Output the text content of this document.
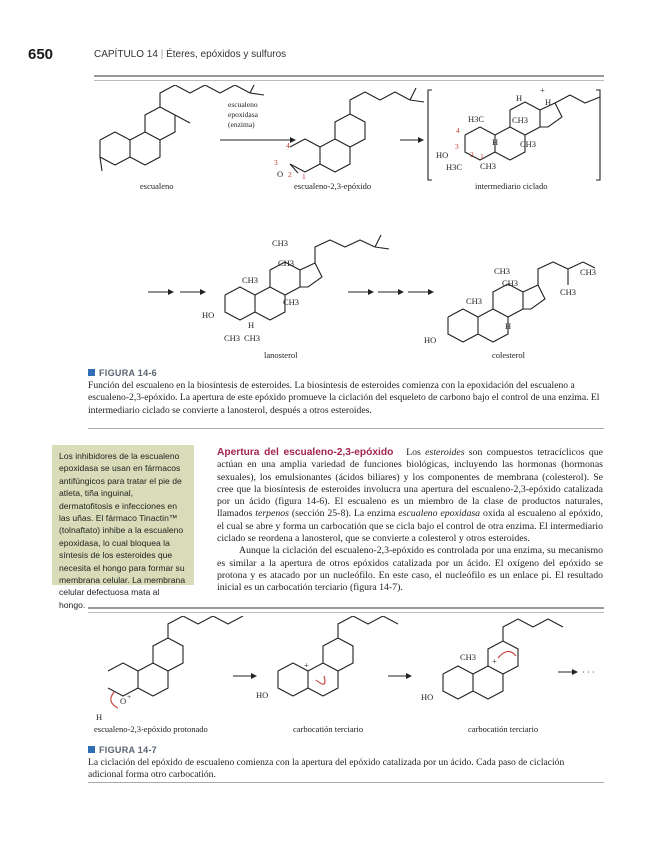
650	CAPÍTULO 14 | Éteres, epóxidos y sulfuros
escualeno
escualeno
epoxidasa
(enzima)
4
3
2 1
O
escualeno-2,3-epóxido
H3C
H
+
H
CH3
H	CH3
HO
H3C
4
3
2 1
CH3
intermediario ciclado
CH3
CH3
CH3
CH3
HO
H
CH3 CH3
lanosterol
CH3
CH3
CH3
CH3
CH3
H
HO
colesterol
FIGURA 14-6
Función del escualeno en la biosíntesis de esteroides. La biosíntesis de esteroides comienza con la epoxidación del escualeno a escualeno-2,3-epóxido. La apertura de este epóxido promueve la ciclación del esqueleto de carbono bajo el control de una enzima. El intermediario ciclado se convierte a lanosterol, después a otros esteroides.
Los inhibidores de la escualeno epoxidasa se usan en fármacos antifúngicos para tratar el pie de atleta, tiña inguinal, dermatofitosis e infecciones en las uñas. El fármaco Tinactin™ (tolnaftato) inhibe a la escualeno epoxidasa, lo cual bloquea la síntesis de los esteroides que necesita el hongo para formar su membrana celular. La membrana celular defectuosa mata al hongo.
Apertura del escualeno-2,3-epóxido Los esteroides son compuestos tetracíclicos que actúan en una amplia variedad de funciones biológicas, incluyendo las hormonas (hormonas sexuales), los emulsionantes (ácidos biliares) y los componentes de membrana (colesterol). Se cree que la biosíntesis de esteroides involucra una apertura del escualeno-2,3-epóxido catalizada por un ácido (figura 14-6). El escualeno es un miembro de la clase de productos naturales, llamados terpenos (sección 25-8). La enzima escualeno epoxidasa oxida al escualeno al epóxido, el cual se abre y forma un carbocatión que se cicla bajo el control de otra enzima. El intermediario ciclado se reordena a lanosterol, que se convierte a colesterol y otros esteroides.
Aunque la ciclación del escualeno-2,3-epóxido es controlada por una enzima, su mecanismo es similar a la apertura de otros epóxidos catalizada por un ácido. El oxígeno del epóxido se protona y es atacado por un nucleófilo. En este caso, el nucleófilo es un enlace pi. El resultado inicial es un carbocatión terciario (figura 14-7).
O +
H
escualeno-2,3-epóxido protonado
+
HO
carbocatión terciario
CH3 +
HO
carbocatión terciario
· · ·
FIGURA 14-7
La ciclación del epóxido de escualeno comienza con la apertura del epóxido catalizada por un ácido. Cada paso de ciclación adicional forma otro carbocatión.
